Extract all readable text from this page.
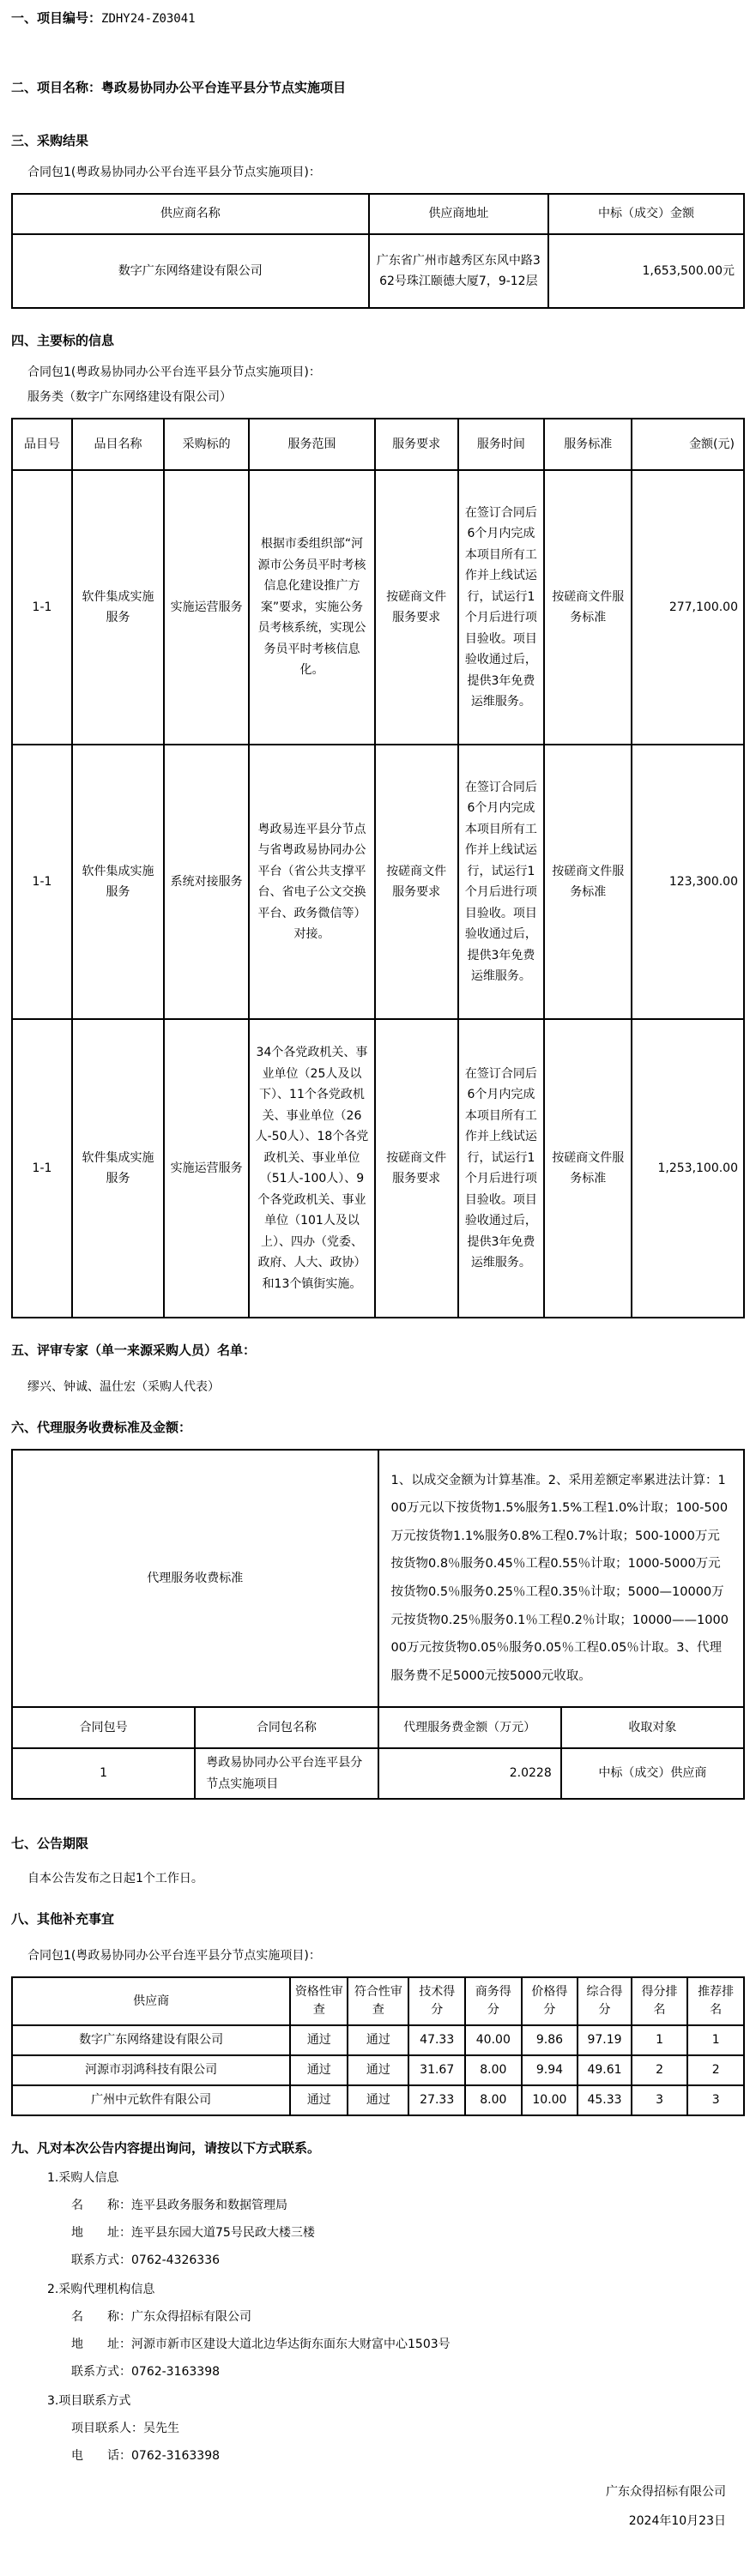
一、项目编号：ZDHY24-Z03041

二、项目名称：粤政易协同办公平台连平县分节点实施项目

三、采购结果

合同包1(粤政易协同办公平台连平县分节点实施项目)：

供应商名称	供应商地址	中标（成交）金额
数字广东网络建设有限公司	广东省广州市越秀区东风中路362号珠江颐德大厦7，9-12层	1,653,500.00元

四、主要标的信息

合同包1(粤政易协同办公平台连平县分节点实施项目)：

服务类（数字广东网络建设有限公司）

品目号	品目名称	采购标的	服务范围	服务要求	服务时间	服务标准	金额(元)
1-1	软件集成实施服务	实施运营服务	根据市委组织部“河源市公务员平时考核信息化建设推广方案”要求，实施公务员考核系统，实现公务员平时考核信息化。	按磋商文件服务要求	在签订合同后6个月内完成本项目所有工作并上线试运行，试运行1个月后进行项目验收。项目验收通过后，提供3年免费运维服务。	按磋商文件服务标准	277,100.00
1-1	软件集成实施服务	系统对接服务	粤政易连平县分节点与省粤政易协同办公平台（省公共支撑平台、省电子公文交换平台、政务微信等）对接。	按磋商文件服务要求	在签订合同后6个月内完成本项目所有工作并上线试运行，试运行1个月后进行项目验收。项目验收通过后，提供3年免费运维服务。	按磋商文件服务标准	123,300.00
1-1	软件集成实施服务	实施运营服务	34个各党政机关、事业单位（25人及以下）、11个各党政机关、事业单位（26人-50人）、18个各党政机关、事业单位（51人-100人）、9个各党政机关、事业单位（101人及以上）、四办（党委、政府、人大、政协）和13个镇街实施。	按磋商文件服务要求	在签订合同后6个月内完成本项目所有工作并上线试运行，试运行1个月后进行项目验收。项目验收通过后，提供3年免费运维服务。	按磋商文件服务标准	1,253,100.00

五、评审专家（单一来源采购人员）名单：

缪兴、钟诚、温仕宏（采购人代表）

六、代理服务收费标准及金额：

代理服务收费标准		1、以成交金额为计算基准。2、采用差额定率累进法计算：100万元以下按货物1.5%服务1.5%工程1.0%计取；100-500万元按货物1.1%服务0.8%工程0.7%计取；500-1000万元按货物0.8％服务0.45％工程0.55％计取；1000-5000万元按货物0.5％服务0.25％工程0.35％计取；5000—10000万元按货物0.25％服务0.1％工程0.2％计取；10000——100000万元按货物0.05％服务0.05％工程0.05％计取。3、代理服务费不足5000元按5000元收取。	
合同包号	合同包名称	代理服务费金额（万元）	收取对象
1	粤政易协同办公平台连平县分节点实施项目	2.0228	中标（成交）供应商

七、公告期限

自本公告发布之日起1个工作日。

八、其他补充事宜

合同包1(粤政易协同办公平台连平县分节点实施项目)：

供应商	资格性审查	符合性审查	技术得分	商务得分	价格得分	综合得分	得分排名	推荐排名
数字广东网络建设有限公司	通过	通过	47.33	40.00	9.86	97.19	1	1
河源市羽鸿科技有限公司	通过	通过	31.67	8.00	9.94	49.61	2	2
广州中元软件有限公司	通过	通过	27.33	8.00	10.00	45.33	3	3

九、凡对本次公告内容提出询问，请按以下方式联系。

1.采购人信息

名　　称：连平县政务服务和数据管理局

地　　址：连平县东园大道75号民政大楼三楼

联系方式：0762-4326336

2.采购代理机构信息

名　　称：广东众得招标有限公司

地　　址：河源市新市区建设大道北边华达街东面东大财富中心1503号

联系方式：0762-3163398

3.项目联系方式

项目联系人：吴先生

电　　话：0762-3163398

广东众得招标有限公司

2024年10月23日
